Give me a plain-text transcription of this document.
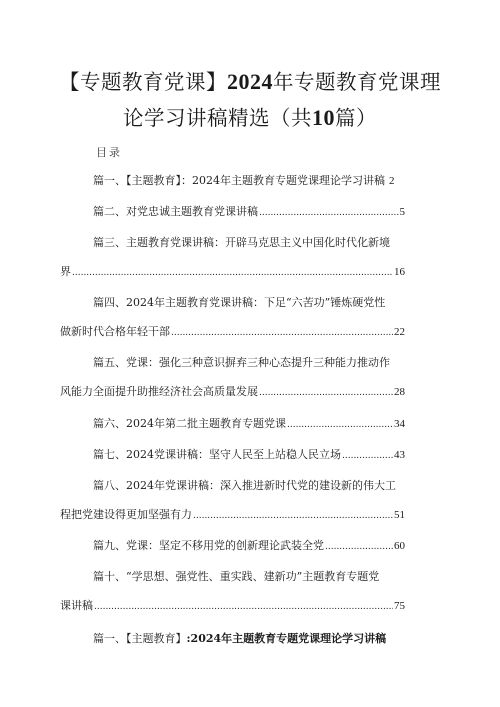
【专题教育党课】2024年专题教育党课理
论学习讲稿精选（共10篇）
目录
篇一、【主题教育】：2024年主题教育专题党课理论学习讲稿 2
篇二、对党忠诚主题教育党课讲稿 .....	5
篇三、主题教育党课讲稿：开辟马克思主义中国化时代化新境
界 .....	16
篇四、2024年主题教育党课讲稿：下足“六苦功”锤炼硬党性
做新时代合格年轻干部 .....	22
篇五、党课：强化三种意识摒弃三种心态提升三种能力推动作
风能力全面提升助推经济社会高质量发展 .....	28
篇六、2024年第二批主题教育专题党课 .....	34
篇七、2024党课讲稿：坚守人民至上站稳人民立场 .....	43
篇八、2024年党课讲稿：深入推进新时代党的建设新的伟大工
程把党建设得更加坚强有力 .....	51
篇九、党课：坚定不移用党的创新理论武装全党 .....	60
篇十、“学思想、强党性、重实践、建新功”主题教育专题党
课讲稿 .....	75
篇一、【主题教育】:2024年主题教育专题党课理论学习讲稿
